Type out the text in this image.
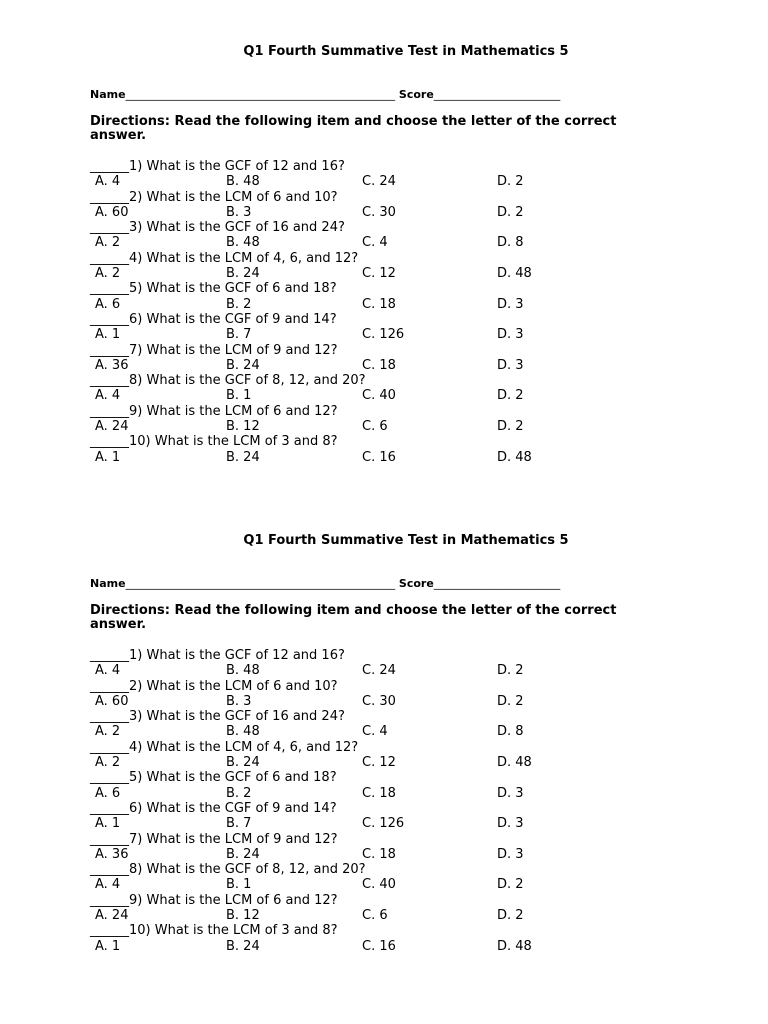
Q1 Fourth Summative Test in Mathematics 5
Name_________________________________________________ Score_______________________
Directions: Read the following item and choose the letter of the correct
answer.
______1) What is the GCF of 12 and 16?
A. 4	B. 48	C. 24	D. 2
______2) What is the LCM of 6 and 10?
A. 60	B. 3	C. 30	D. 2
______3) What is the GCF of 16 and 24?
A. 2	B. 48	C. 4	D. 8
______4) What is the LCM of 4, 6, and 12?
A. 2	B. 24	C. 12	D. 48
______5) What is the GCF of 6 and 18?
A. 6	B. 2	C. 18	D. 3
______6) What is the CGF of 9 and 14?
A. 1	B. 7	C. 126	D. 3
______7) What is the LCM of 9 and 12?
A. 36	B. 24	C. 18	D. 3
______8) What is the GCF of 8, 12, and 20?
A. 4	B. 1	C. 40	D. 2
______9) What is the LCM of 6 and 12?
A. 24	B. 12	C. 6	D. 2
______10) What is the LCM of 3 and 8?
A. 1	B. 24	C. 16	D. 48
Q1 Fourth Summative Test in Mathematics 5
Name_________________________________________________ Score_______________________
Directions: Read the following item and choose the letter of the correct
answer.
______1) What is the GCF of 12 and 16?
A. 4	B. 48	C. 24	D. 2
______2) What is the LCM of 6 and 10?
A. 60	B. 3	C. 30	D. 2
______3) What is the GCF of 16 and 24?
A. 2	B. 48	C. 4	D. 8
______4) What is the LCM of 4, 6, and 12?
A. 2	B. 24	C. 12	D. 48
______5) What is the GCF of 6 and 18?
A. 6	B. 2	C. 18	D. 3
______6) What is the CGF of 9 and 14?
A. 1	B. 7	C. 126	D. 3
______7) What is the LCM of 9 and 12?
A. 36	B. 24	C. 18	D. 3
______8) What is the GCF of 8, 12, and 20?
A. 4	B. 1	C. 40	D. 2
______9) What is the LCM of 6 and 12?
A. 24	B. 12	C. 6	D. 2
______10) What is the LCM of 3 and 8?
A. 1	B. 24	C. 16	D. 48
